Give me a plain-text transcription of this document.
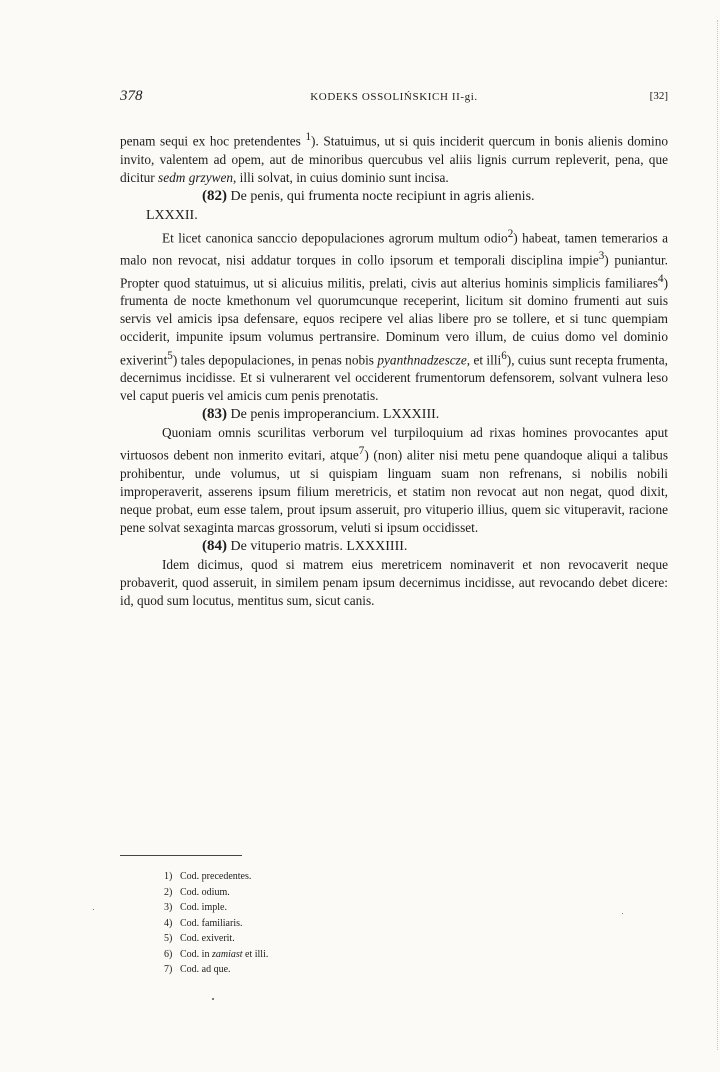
378	KODEKS OSSOLIŃSKICH II-gi.	[32]

penam sequi ex hoc pretendentes $^1$). Statuimus, ut si quis inciderit quercum in bonis alienis domino invito, valentem ad opem, aut de minoribus quercubus vel aliis lignis currum repleverit, pena, que dicitur sedm grzywen, illi solvat, in cuius dominio sunt incisa.

(82) De penis, qui frumenta nocte recipiunt in agris alienis.
LXXXII.

Et licet canonica sanccio depopulaciones agrorum multum odio$^2$) habeat, tamen temerarios a malo non revocat, nisi addatur torques in collo ipsorum et temporali disciplina impie$^3$) puniantur. Propter quod statuimus, ut si alicuius militis, prelati, civis aut alterius hominis simplicis familiares$^4$) frumenta de nocte kmethonum vel quorumcunque receperint, licitum sit domino frumenti aut suis servis vel amicis ipsa defensare, equos recipere vel alias libere pro se tollere, et si tunc quempiam occiderit, impunite ipsum volumus pertransire. Dominum vero illum, de cuius domo vel dominio exiverint$^5$) tales depopulaciones, in penas nobis pyanthnadzescze, et illi$^6$), cuius sunt recepta frumenta, decernimus incidisse. Et si vulnerarent vel occiderent frumentorum defensorem, solvant vulnera leso vel caput pueris vel amicis cum penis prenotatis.

(83) De penis improperancium. LXXXIII.

Quoniam omnis scurilitas verborum vel turpiloquium ad rixas homines provocantes aput virtuosos debent non inmerito evitari, atque$^7$) (non) aliter nisi metu pene quandoque aliqui a talibus prohibentur, unde volumus, ut si quispiam linguam suam non refrenans, si nobilis nobili improperaverit, asserens ipsum filium meretricis, et statim non revocat aut non negat, quod dixit, neque probat, eum esse talem, prout ipsum asseruit, pro vituperio illius, quem sic vituperavit, racione pene solvat sexaginta marcas grossorum, veluti si ipsum occidisset.

(84) De vituperio matris. LXXXIIII.

Idem dicimus, quod si matrem eius meretricem nominaverit et non revocaverit neque probaverit, quod asseruit, in similem penam ipsum decernimus incidisse, aut revocando debet dicere: id, quod sum locutus, mentitus sum, sicut canis.

1) Cod. precedentes.
2) Cod. odium.
3) Cod. imple.
4) Cod. familiaris.
5) Cod. exiverit.
6) Cod. in zamiast et illi.
7) Cod. ad que.
